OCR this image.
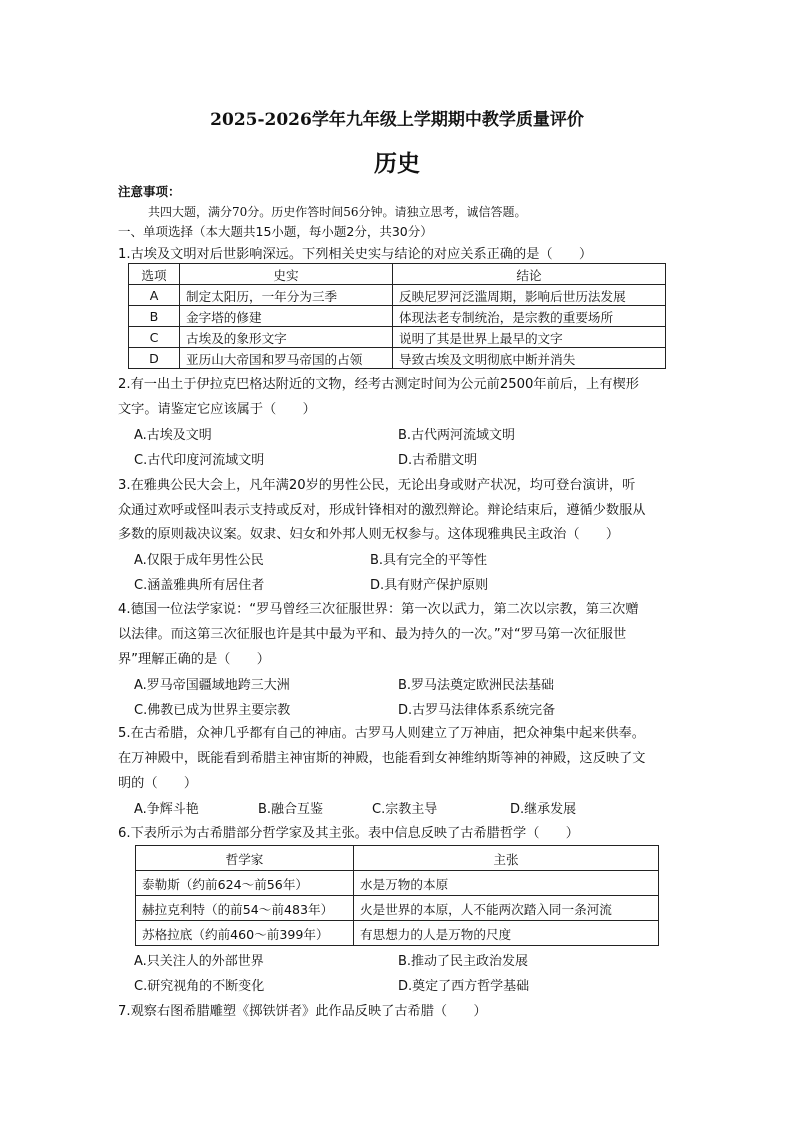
2025-2026学年九年级上学期期中教学质量评价
历史
注意事项：
共四大题，满分70分。历史作答时间56分钟。请独立思考，诚信答题。
一、单项选择（本大题共15小题，每小题2分，共30分）
1.古埃及文明对后世影响深远。下列相关史实与结论的对应关系正确的是（　　）
选项	史实	结论
A	制定太阳历，一年分为三季	反映尼罗河泛滥周期，影响后世历法发展
B	金字塔的修建	体现法老专制统治，是宗教的重要场所
C	古埃及的象形文字	说明了其是世界上最早的文字
D	亚历山大帝国和罗马帝国的占领	导致古埃及文明彻底中断并消失
2.有一出土于伊拉克巴格达附近的文物，经考古测定时间为公元前2500年前后，上有楔形
文字。请鉴定它应该属于（　　）
A.古埃及文明	B.古代两河流域文明
C.古代印度河流域文明	D.古希腊文明
3.在雅典公民大会上，凡年满20岁的男性公民，无论出身或财产状况，均可登台演讲，听
众通过欢呼或怪叫表示支持或反对，形成针锋相对的激烈辩论。辩论结束后，遵循少数服从
多数的原则裁决议案。奴隶、妇女和外邦人则无权参与。这体现雅典民主政治（　　）
A.仅限于成年男性公民	B.具有完全的平等性
C.涵盖雅典所有居住者	D.具有财产保护原则
4.德国一位法学家说：“罗马曾经三次征服世界：第一次以武力，第二次以宗教，第三次赠
以法律。而这第三次征服也许是其中最为平和、最为持久的一次。”对“罗马第一次征服世
界”理解正确的是（　　）
A.罗马帝国疆域地跨三大洲	B.罗马法奠定欧洲民法基础
C.佛教已成为世界主要宗教	D.古罗马法律体系系统完备
5.在古希腊，众神几乎都有自己的神庙。古罗马人则建立了万神庙，把众神集中起来供奉。
在万神殿中，既能看到希腊主神宙斯的神殿，也能看到女神维纳斯等神的神殿，这反映了文
明的（　　）
A.争辉斗艳	B.融合互鉴	C.宗教主导	D.继承发展
6.下表所示为古希腊部分哲学家及其主张。表中信息反映了古希腊哲学（　　）
哲学家	主张
泰勒斯（约前624～前56年）	水是万物的本原
赫拉克利特（的前54～前483年）	火是世界的本原，人不能两次踏入同一条河流
苏格拉底（约前460～前399年）	有思想力的人是万物的尺度
A.只关注人的外部世界	B.推动了民主政治发展
C.研究视角的不断变化	D.奠定了西方哲学基础
7.观察右图希腊雕塑《掷铁饼者》此作品反映了古希腊（　　）
